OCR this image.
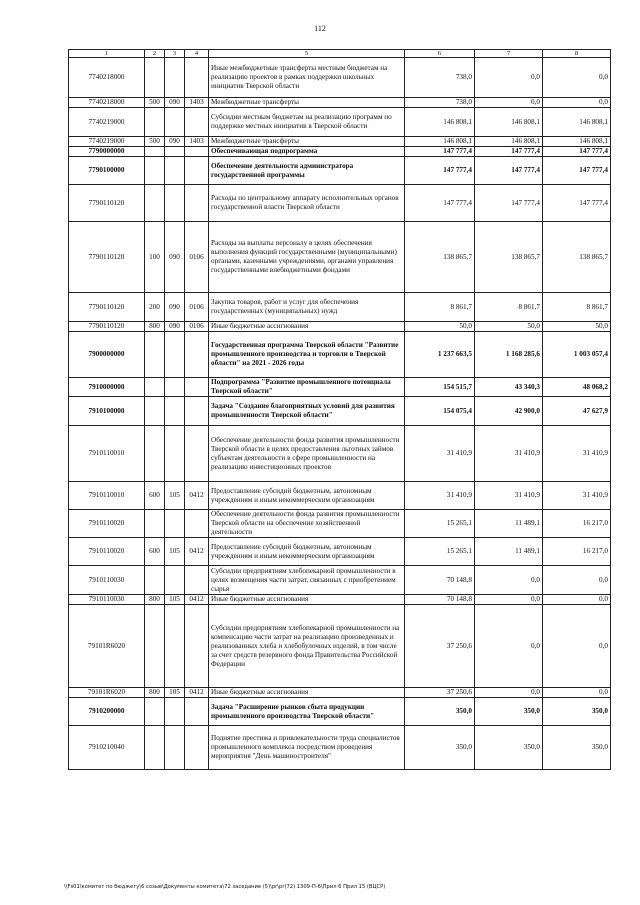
112
1	2	3	4	5	6	7	8
7740218000				Иные межбюджетные трансферты местным бюджетам на реализацию проектов в рамках поддержки школьных инициатив Тверской области	738,0	0,0	0,0
7740218000	500	090	1403	Межбюджетные трансферты	738,0	0,0	0,0
7740219000				Субсидии местным бюджетам на реализацию программ по поддержке местных инициатив в Тверской области	146 808,1	146 808,1	146 808,1
7740219000	500	090	1403	Межбюджетные трансферты	146 808,1	146 808,1	146 808,1
7790000000				Обеспечивающая подпрограмма	147 777,4	147 777,4	147 777,4
7790100000				Обеспечение деятельности администратора государственной программы	147 777,4	147 777,4	147 777,4
7790110120				Расходы по центральному аппарату исполнительных органов государственной власти Тверской области	147 777,4	147 777,4	147 777,4
7790110120	100	090	0106	Расходы на выплаты персоналу в целях обеспечения выполнения функций государственными (муниципальными) органами, казенными учреждениями, органами управления государственными внебюджетными фондами	138 865,7	138 865,7	138 865,7
7790110120	200	090	0106	Закупка товаров, работ и услуг для обеспечения государственных (муниципальных) нужд	8 861,7	8 861,7	8 861,7
7790110120	800	090	0106	Иные бюджетные ассигнования	50,0	50,0	50,0
7900000000				Государственная программа Тверской области "Развитие промышленного производства и торговли в Тверской области" на 2021 - 2026 годы	1 237 663,5	1 168 285,6	1 003 057,4
7910000000				Подпрограмма "Развитие промышленного потенциала Тверской области"	154 515,7	43 340,3	48 068,2
7910100000				Задача "Создание благоприятных условий для развития промышленности Тверской области"	154 075,4	42 900,0	47 627,9
7910110010				Обеспечение деятельности фонда развития промышленности Тверской области в целях предоставления льготных займов субъектам деятельности в сфере промышленности на реализацию инвестиционных проектов	31 410,9	31 410,9	31 410,9
7910110010	600	105	0412	Предоставление субсидий бюджетным, автономным учреждениям и иным некоммерческим организациям	31 410,9	31 410,9	31 410,9
7910110020				Обеспечение деятельности фонда развития промышленности Тверской области на обеспечение хозяйственной деятельности	15 265,1	11 489,1	16 217,0
7910110020	600	105	0412	Предоставление субсидий бюджетным, автономным учреждениям и иным некоммерческим организациям	15 265,1	11 489,1	16 217,0
7910110030				Субсидии предприятиям хлебопекарной промышленности в целях возмещения части затрат, связанных с приобретением сырья	70 148,8	0,0	0,0
7910110030	800	105	0412	Иные бюджетные ассигнования	70 148,8	0,0	0,0
79101R6020				Субсидии предприятиям хлебопекарной промышленности на компенсацию части затрат на реализацию произведенных и реализованных хлеба и хлебобулочных изделий, в том числе за счет средств резервного фонда Правительства Российской Федерации	37 250,6	0,0	0,0
79101R6020	800	105	0412	Иные бюджетные ассигнования	37 250,6	0,0	0,0
7910200000				Задача "Расширение рынков сбыта продукции промышленного производства Тверской области"	350,0	350,0	350,0
7910210040				Поднятие престижа и привлекательности труда специалистов промышленного комплекса посредством проведения мероприятия "День машиностроителя"	350,0	350,0	350,0
\\Fs01\комитет по бюджету\6 созыв\Документы комитета\72 заседание (5)\pr\pr(72) 1309-П-6\Прил 6 Прил 15 (ВЦСР)
